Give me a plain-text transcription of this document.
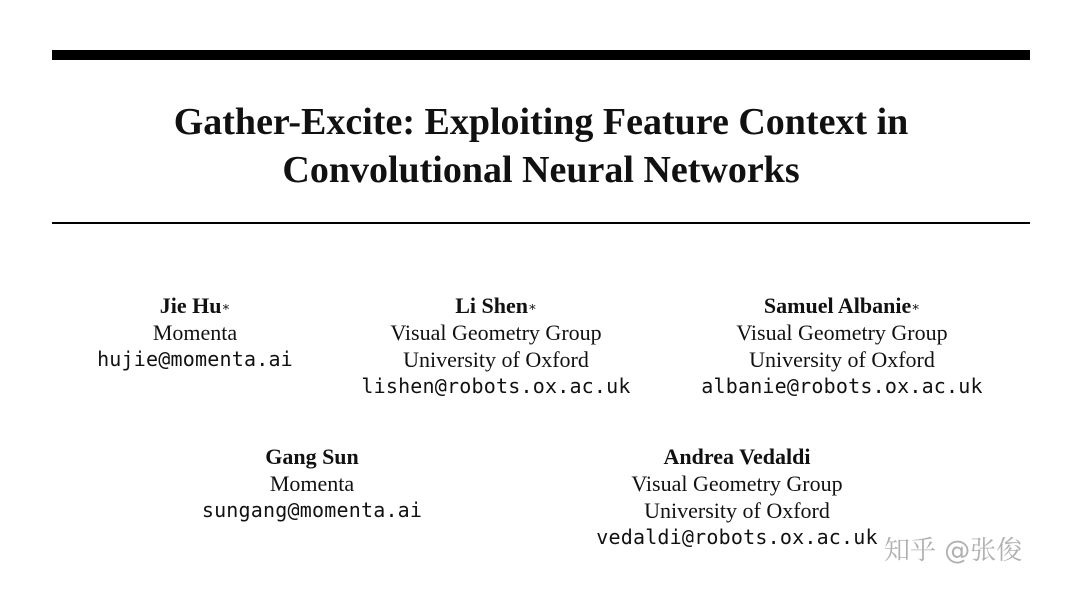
Gather-Excite: Exploiting Feature Context in
Convolutional Neural Networks
Jie Hu∗
Momenta
hujie@momenta.ai
Li Shen∗
Visual Geometry Group
University of Oxford
lishen@robots.ox.ac.uk
Samuel Albanie∗
Visual Geometry Group
University of Oxford
albanie@robots.ox.ac.uk
Gang Sun
Momenta
sungang@momenta.ai
Andrea Vedaldi
Visual Geometry Group
University of Oxford
vedaldi@robots.ox.ac.uk 知乎 @张俊
